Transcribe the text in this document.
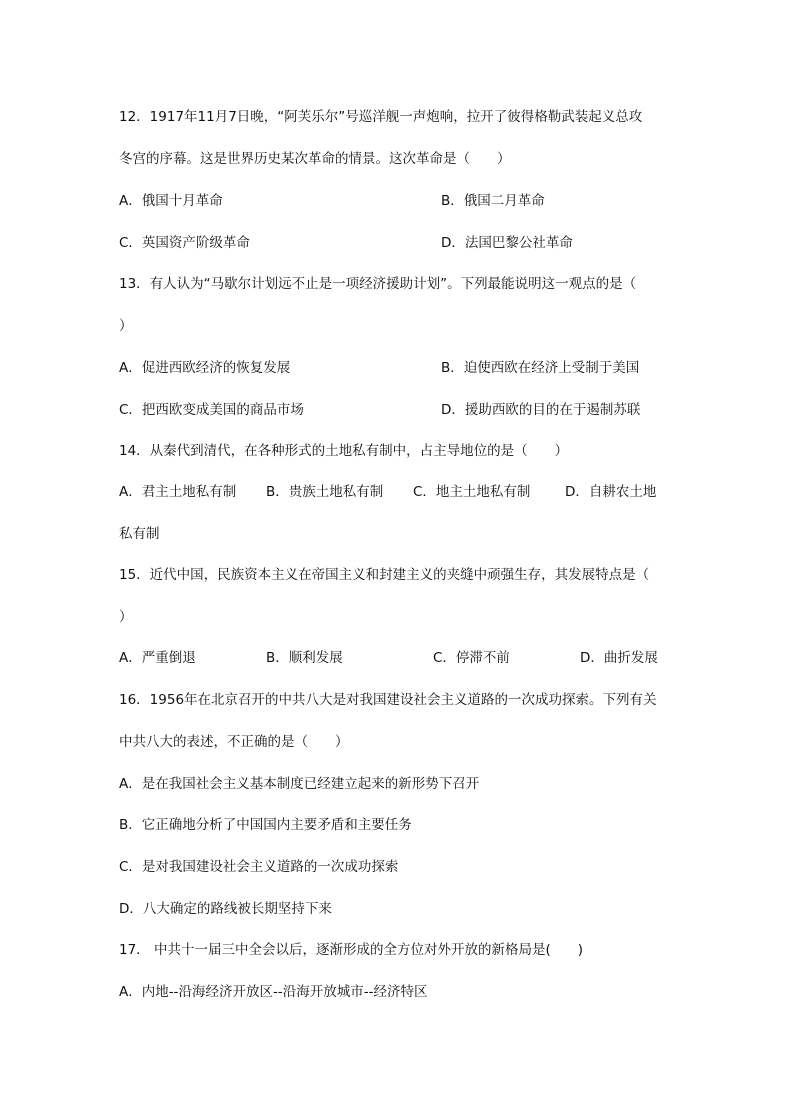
12．1917年11月7日晚，“阿芙乐尔”号巡洋舰一声炮响，拉开了彼得格勒武装起义总攻
冬宫的序幕。这是世界历史某次革命的情景。这次革命是（　　）
A．俄国十月革命	B．俄国二月革命
C．英国资产阶级革命	D．法国巴黎公社革命
13．有人认为“马歇尔计划远不止是一项经济援助计划”。下列最能说明这一观点的是（
）
A．促进西欧经济的恢复发展	B．迫使西欧在经济上受制于美国
C．把西欧变成美国的商品市场	D．援助西欧的目的在于遏制苏联
14．从秦代到清代，在各种形式的土地私有制中，占主导地位的是（　　）
A．君主土地私有制 B．贵族土地私有制 C．地主土地私有制	D．自耕农土地
私有制
15．近代中国，民族资本主义在帝国主义和封建主义的夹缝中顽强生存，其发展特点是（
）
A．严重倒退	B．顺利发展	C．停滞不前	D．曲折发展
16．1956年在北京召开的中共八大是对我国建设社会主义道路的一次成功探索。下列有关
中共八大的表述，不正确的是（　　）
A．是在我国社会主义基本制度已经建立起来的新形势下召开
B．它正确地分析了中国国内主要矛盾和主要任务
C．是对我国建设社会主义道路的一次成功探索
D．八大确定的路线被长期坚持下来
17． 中共十一届三中全会以后，逐渐形成的全方位对外开放的新格局是(　　)
A．内地--沿海经济开放区--沿海开放城市--经济特区
